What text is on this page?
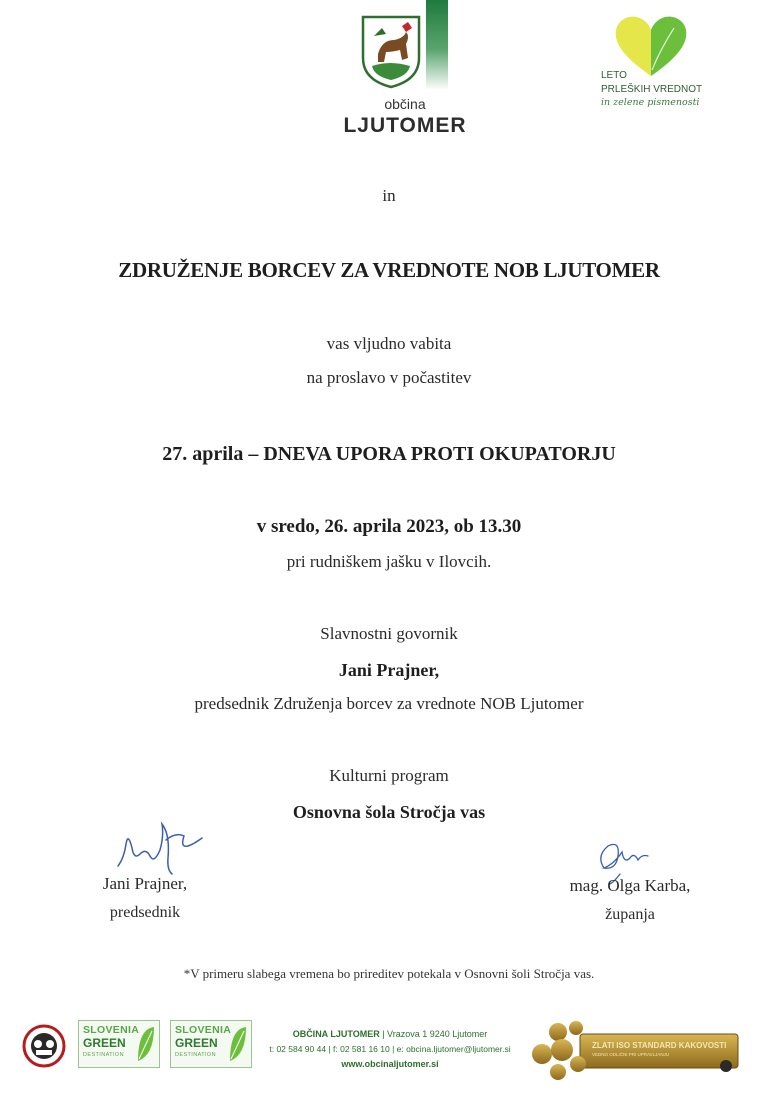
občina
LJUTOMER
LETO
PRLEŠKIH VREDNOT
in zelene pismenosti
in
ZDRUŽENJE BORCEV ZA VREDNOTE NOB LJUTOMER
vas vljudno vabita
na proslavo v počastitev
27. aprila – DNEVA UPORA PROTI OKUPATORJU
v sredo, 26. aprila 2023, ob 13.30
pri rudniškem jašku v Ilovcih.
Slavnostni govornik
Jani Prajner,
predsednik Združenja borcev za vrednote NOB Ljutomer
Kulturni program
Osnovna šola Stročja vas
Jani Prajner,
predsednik
mag. Olga Karba,
županja
*V primeru slabega vremena bo prireditev potekala v Osnovni šoli Stročja vas.
SLOVENIA
GREEN
DESTINATION
SLOVENIA
GREEN
DESTINATION
OBČINA LJUTOMER | Vrazova 1 9240 Ljutomer
t: 02 584 90 44 | f: 02 581 16 10 | e: obcina.ljutomer@ljutomer.si
www.obcinaljutomer.si
ZLATI ISO STANDARD KAKOVOSTI
VEDNO ODLIČNI PRI UPRAVLJANJU
